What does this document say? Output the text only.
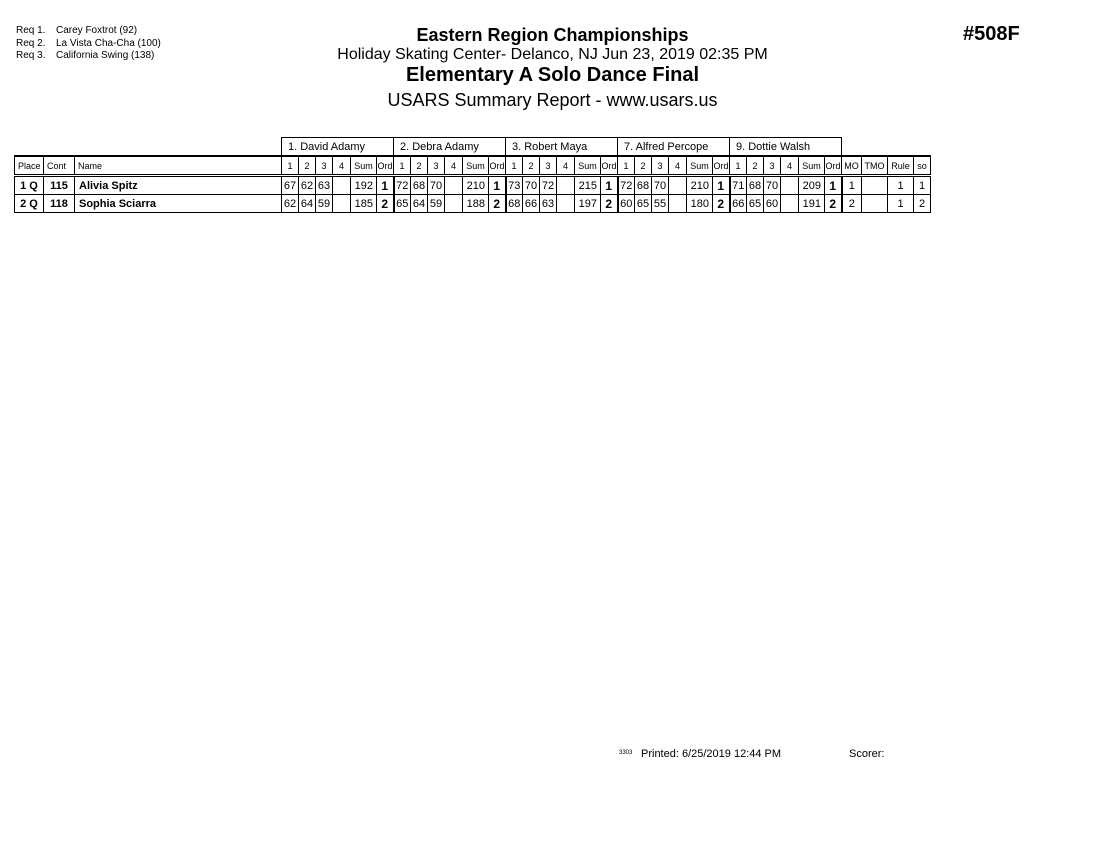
Req 1. Carey Foxtrot (92)
Req 2. La Vista Cha-Cha (100)
Req 3. California Swing (138)
Eastern Region Championships
Holiday Skating Center- Delanco, NJ Jun 23, 2019 02:35 PM
Elementary A Solo Dance Final
USARS Summary Report - www.usars.us
#508F
			1. David Adamy						2. Debra Adamy						3. Robert Maya						7. Alfred Percope						9. Dottie Walsh									
Place	Cont	Name	1	2	3	4	Sum	Ord	1	2	3	4	Sum	Ord	1	2	3	4	Sum	Ord	1	2	3	4	Sum	Ord	1	2	3	4	Sum	Ord	MO	TMO	Rule	so
1 Q	115	Alivia Spitz	67	62	63		192	1	72	68	70		210	1	73	70	72		215	1	72	68	70		210	1	71	68	70		209	1	1		1	1
2 Q	118	Sophia Sciarra	62	64	59		185	2	65	64	59		188	2	68	66	63		197	2	60	65	55		180	2	66	65	60		191	2	2		1	2
3303 Printed: 6/25/2019 12:44 PM	Scorer:
